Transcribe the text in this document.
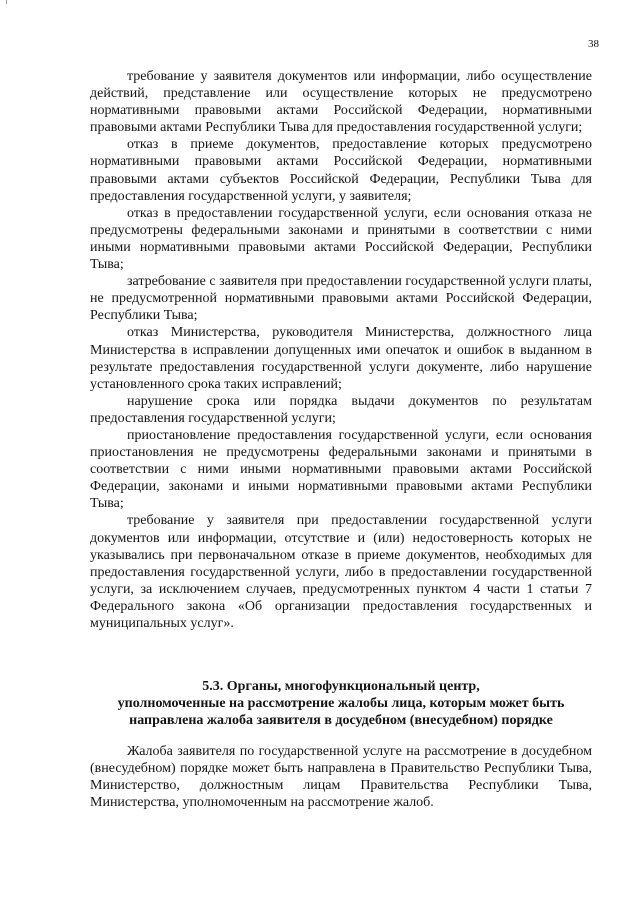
38

требование у заявителя документов или информации, либо осуществление действий, представление или осуществление которых не предусмотрено нормативными правовыми актами Российской Федерации, нормативными правовыми актами Республики Тыва для предоставления государственной услуги;

отказ в приеме документов, предоставление которых предусмотрено нормативными правовыми актами Российской Федерации, нормативными правовыми актами субъектов Российской Федерации, Республики Тыва для предоставления государственной услуги, у заявителя;

отказ в предоставлении государственной услуги, если основания отказа не предусмотрены федеральными законами и принятыми в соответствии с ними иными нормативными правовыми актами Российской Федерации, Республики Тыва;

затребование с заявителя при предоставлении государственной услуги платы, не предусмотренной нормативными правовыми актами Российской Федерации, Республики Тыва;

отказ Министерства, руководителя Министерства, должностного лица Министерства в исправлении допущенных ими опечаток и ошибок в выданном в результате предоставления государственной услуги документе, либо нарушение установленного срока таких исправлений;

нарушение срока или порядка выдачи документов по результатам предоставления государственной услуги;

приостановление предоставления государственной услуги, если основания приостановления не предусмотрены федеральными законами и принятыми в соответствии с ними иными нормативными правовыми актами Российской Федерации, законами и иными нормативными правовыми актами Республики Тыва;

требование у заявителя при предоставлении государственной услуги документов или информации, отсутствие и (или) недостоверность которых не указывались при первоначальном отказе в приеме документов, необходимых для предоставления государственной услуги, либо в предоставлении государственной услуги, за исключением случаев, предусмотренных пунктом 4 части 1 статьи 7 Федерального закона «Об организации предоставления государственных и муниципальных услуг».

5.3. Органы, многофункциональный центр,
уполномоченные на рассмотрение жалобы лица, которым может быть
направлена жалоба заявителя в досудебном (внесудебном) порядке

Жалоба заявителя по государственной услуге на рассмотрение в досудебном (внесудебном) порядке может быть направлена в Правительство Республики Тыва, Министерство, должностным лицам Правительства Республики Тыва, Министерства, уполномоченным на рассмотрение жалоб.
